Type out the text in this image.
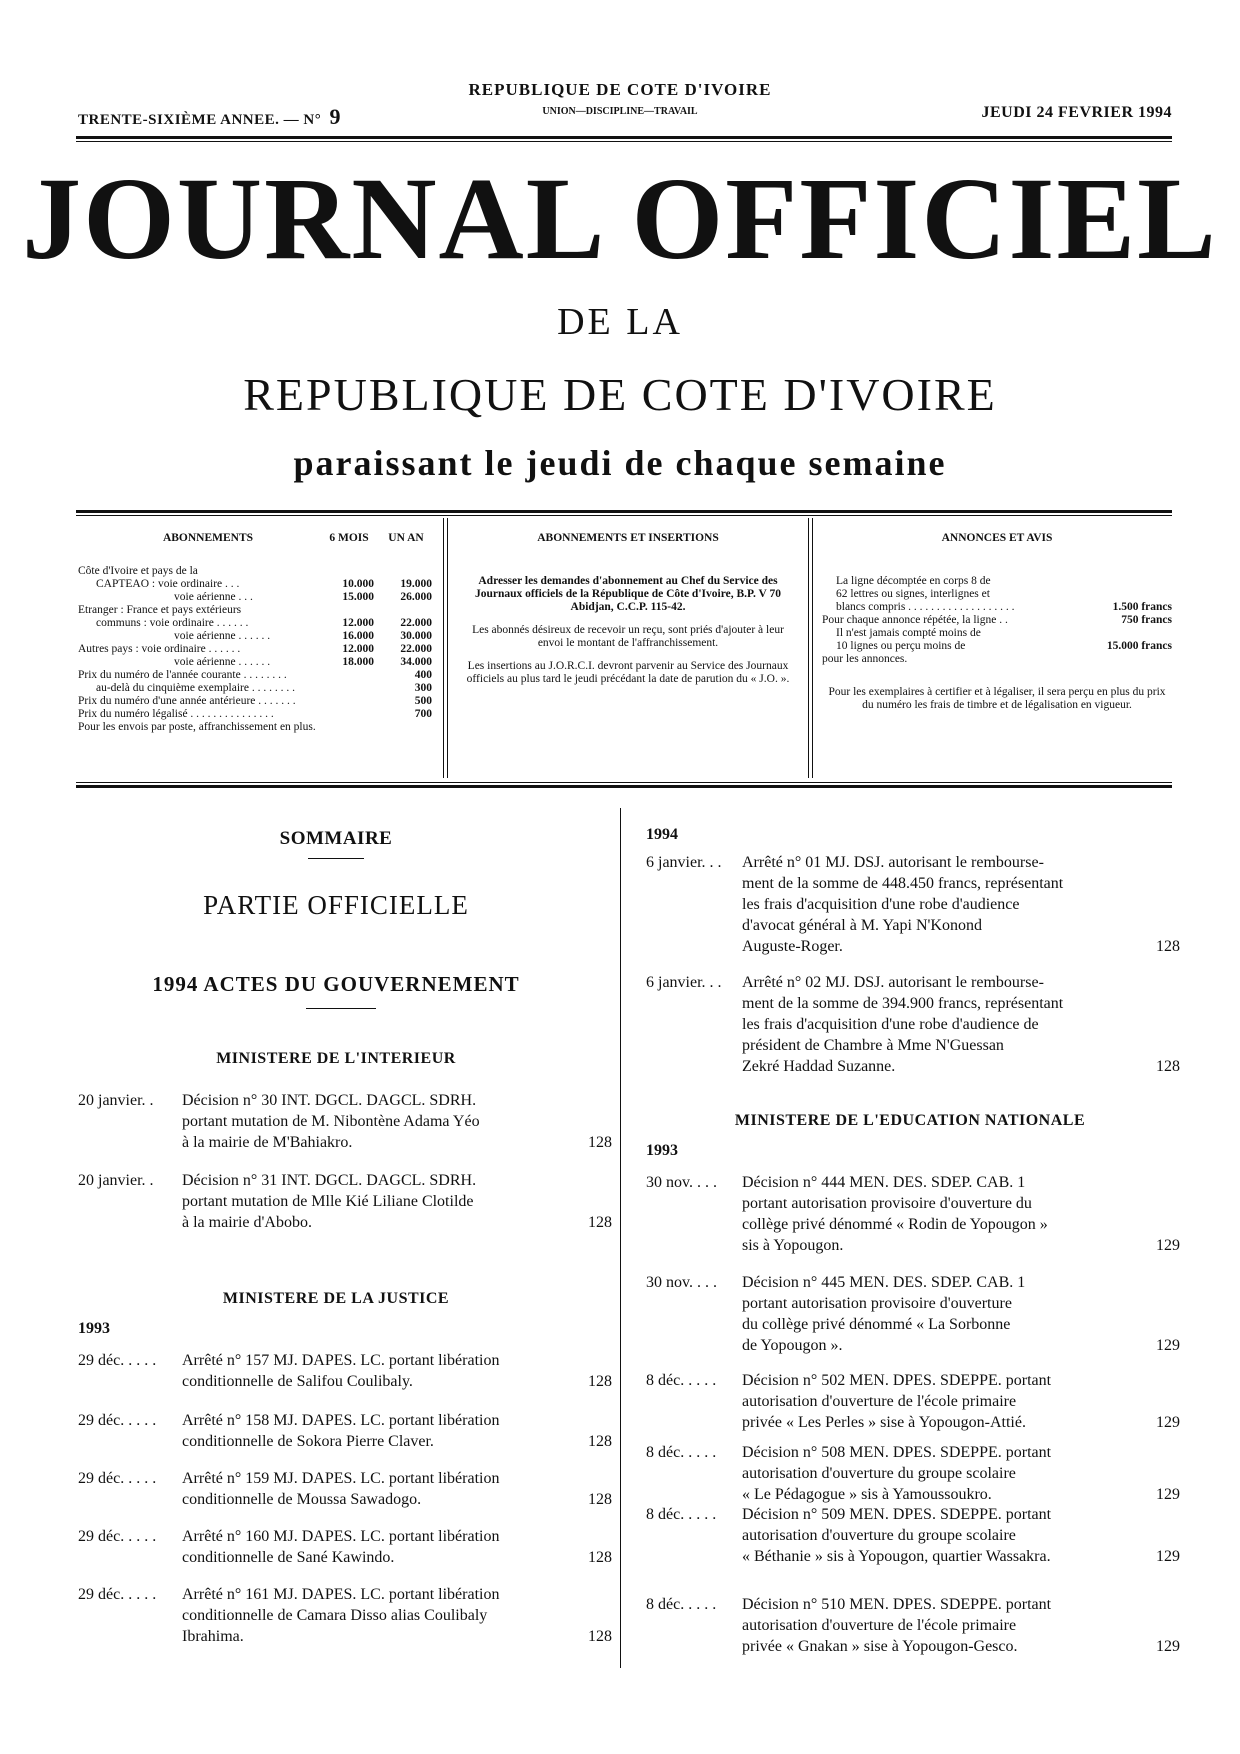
TRENTE-SIXIÈME ANNEE. — N° 9
REPUBLIQUE DE COTE D'IVOIRE
UNION—DISCIPLINE—TRAVAIL	JEUDI 24 FEVRIER 1994
JOURNAL OFFICIEL
DE LA
REPUBLIQUE DE COTE D'IVOIRE
paraissant le jeudi de chaque semaine
ABONNEMENTS	6 MOIS	UN AN
Côte d'Ivoire et pays de la
CAPTEAO : voie ordinaire . . .	10.000	19.000
voie aérienne . . .	15.000	26.000
Etranger : France et pays extérieurs
communs : voie ordinaire . . . . . .	12.000	22.000
voie aérienne . . . . . .	16.000	30.000
Autres pays : voie ordinaire . . . . . .	12.000	22.000
voie aérienne . . . . . .	18.000	34.000
Prix du numéro de l'année courante . . . . . . . .	400
au-delà du cinquième exemplaire . . . . . . . .	300
Prix du numéro d'une année antérieure . . . . . . .	500
Prix du numéro légalisé . . . . . . . . . . . . . . .	700
Pour les envois par poste, affranchissement en plus.
ABONNEMENTS ET INSERTIONS

Adresser les demandes d'abonnement au Chef du Service des Journaux officiels de la République de Côte d'Ivoire, B.P. V 70 Abidjan, C.C.P. 115-42.

Les abonnés désireux de recevoir un reçu, sont priés d'ajouter à leur envoi le montant de l'affranchissement.

Les insertions au J.O.R.C.I. devront parvenir au Service des Journaux officiels au plus tard le jeudi précédant la date de parution du « J.O. ».

ANNONCES ET AVIS
La ligne décomptée en corps 8 de
62 lettres ou signes, interlignes et
blancs compris . . . . . . . . . . . . . . . . . . .	1.500 francs
Pour chaque annonce répétée, la ligne . .	750 francs
Il n'est jamais compté moins de
10 lignes ou perçu moins de	15.000 francs
pour les annonces.

Pour les exemplaires à certifier et à légaliser, il sera perçu en plus du prix du numéro les frais de timbre et de légalisation en vigueur.

SOMMAIRE
PARTIE OFFICIELLE
1994 ACTES DU GOUVERNEMENT
MINISTERE DE L'INTERIEUR
MINISTERE DE LA JUSTICE
1993
1994
MINISTERE DE L'EDUCATION NATIONALE
1993
20 janvier. . Décision n° 30 INT. DGCL. DAGCL. SDRH.
portant mutation de M. Nibontène Adama Yéo
à la mairie de M'Bahiakro.	128
20 janvier. . Décision n° 31 INT. DGCL. DAGCL. SDRH.
portant mutation de Mlle Kié Liliane Clotilde
à la mairie d'Abobo.	128
29 déc. . . . . Arrêté n° 157 MJ. DAPES. LC. portant libération
conditionnelle de Salifou Coulibaly.	128
29 déc. . . . . Arrêté n° 158 MJ. DAPES. LC. portant libération
conditionnelle de Sokora Pierre Claver.	128
29 déc. . . . . Arrêté n° 159 MJ. DAPES. LC. portant libération
conditionnelle de Moussa Sawadogo.	128
29 déc. . . . . Arrêté n° 160 MJ. DAPES. LC. portant libération
conditionnelle de Sané Kawindo.	128
29 déc. . . . . Arrêté n° 161 MJ. DAPES. LC. portant libération
conditionnelle de Camara Disso alias Coulibaly
Ibrahima.	128
6 janvier. . . Arrêté n° 01 MJ. DSJ. autorisant le rembourse-
ment de la somme de 448.450 francs, représentant
les frais d'acquisition d'une robe d'audience
d'avocat général à M. Yapi N'Konond
Auguste-Roger.	128
6 janvier. . . Arrêté n° 02 MJ. DSJ. autorisant le rembourse-
ment de la somme de 394.900 francs, représentant
les frais d'acquisition d'une robe d'audience de
président de Chambre à Mme N'Guessan
Zekré Haddad Suzanne.	128
30 nov. . . . Décision n° 444 MEN. DES. SDEP. CAB. 1
portant autorisation provisoire d'ouverture du
collège privé dénommé « Rodin de Yopougon »
sis à Yopougon.	129
30 nov. . . . Décision n° 445 MEN. DES. SDEP. CAB. 1
portant autorisation provisoire d'ouverture
du collège privé dénommé « La Sorbonne
de Yopougon ».	129
8 déc. . . . . Décision n° 502 MEN. DPES. SDEPPE. portant
autorisation d'ouverture de l'école primaire
privée « Les Perles » sise à Yopougon-Attié.	129
8 déc. . . . . Décision n° 508 MEN. DPES. SDEPPE. portant
autorisation d'ouverture du groupe scolaire
« Le Pédagogue » sis à Yamoussoukro.	129
8 déc. . . . . Décision n° 509 MEN. DPES. SDEPPE. portant
autorisation d'ouverture du groupe scolaire
« Béthanie » sis à Yopougon, quartier Wassakra.	129
8 déc. . . . . Décision n° 510 MEN. DPES. SDEPPE. portant
autorisation d'ouverture de l'école primaire
privée « Gnakan » sise à Yopougon-Gesco.	129
